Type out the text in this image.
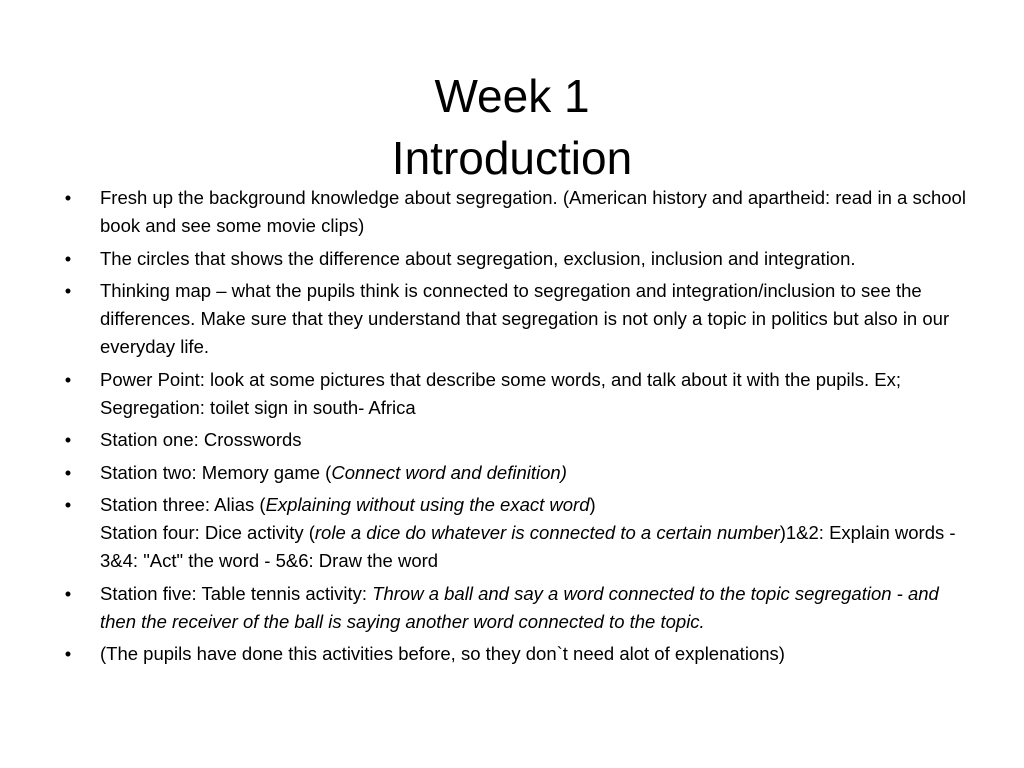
Week 1
Introduction
•	Fresh up the background knowledge about segregation. (American history and apartheid: read in a school book and see some movie clips)
•	The circles that shows the difference about segregation, exclusion, inclusion and integration.
•	Thinking map – what the pupils think is connected to segregation and integration/inclusion to see the differences. Make sure that they understand that segregation is not only a topic in politics but also in our everyday life.
•	Power Point: look at some pictures that describe some words, and talk about it with the pupils. Ex; Segregation: toilet sign in south- Africa
•	Station one: Crosswords
•	Station two: Memory game (Connect word and definition)
•	Station three: Alias (Explaining without using the exact word)
Station four: Dice activity (role a dice do whatever is connected to a certain number)1&2: Explain words - 3&4: "Act" the word - 5&6: Draw the word
•	Station five: Table tennis activity: Throw a ball and say a word connected to the topic segregation - and then the receiver of the ball is saying another word connected to the topic.
•	(The pupils have done this activities before, so they don`t need alot of explenations)
